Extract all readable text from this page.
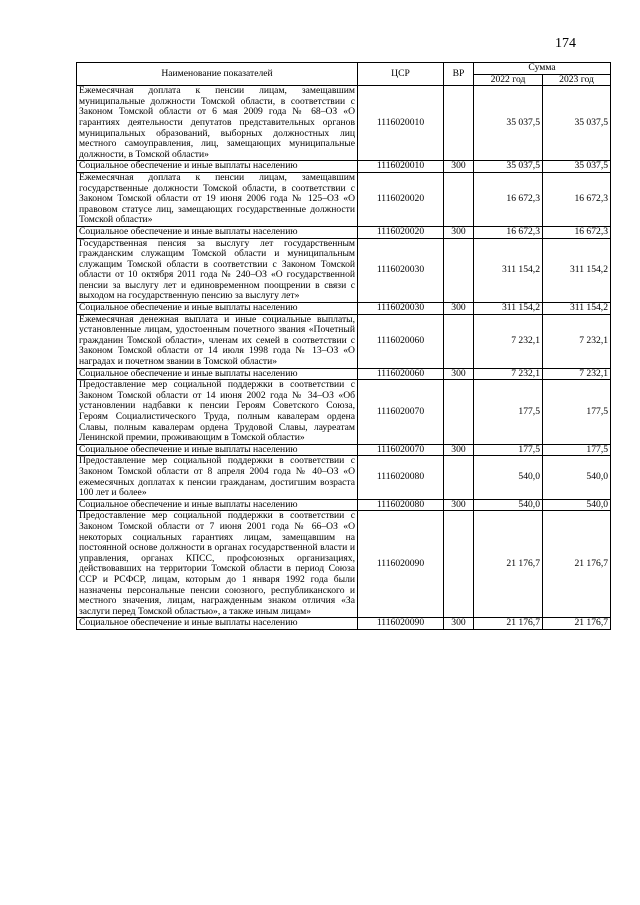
174
Наименование показателей	ЦСР	ВР	Сумма	
			2022 год	2023 год
Ежемесячная доплата к пенсии лицам, замещавшим муниципальные должности Томской области, в соответствии с Законом Томской области от 6 мая 2009 года № 68–ОЗ «О гарантиях деятельности депутатов представительных органов муниципальных образований, выборных должностных лиц местного самоуправления, лиц, замещающих муниципальные должности, в Томской области»	1116020010		35 037,5	35 037,5
Социальное обеспечение и иные выплаты населению	1116020010	300	35 037,5	35 037,5
Ежемесячная доплата к пенсии лицам, замещавшим государственные должности Томской области, в соответствии с Законом Томской области от 19 июня 2006 года № 125–ОЗ «О правовом статусе лиц, замещающих государственные должности Томской области»	1116020020		16 672,3	16 672,3
Социальное обеспечение и иные выплаты населению	1116020020	300	16 672,3	16 672,3
Государственная пенсия за выслугу лет государственным гражданским служащим Томской области и муниципальным служащим Томской области в соответствии с Законом Томской области от 10 октября 2011 года № 240–ОЗ «О государственной пенсии за выслугу лет и единовременном поощрении в связи с выходом на государственную пенсию за выслугу лет»	1116020030		311 154,2	311 154,2
Социальное обеспечение и иные выплаты населению	1116020030	300	311 154,2	311 154,2
Ежемесячная денежная выплата и иные социальные выплаты, установленные лицам, удостоенным почетного звания «Почетный гражданин Томской области», членам их семей в соответствии с Законом Томской области от 14 июля 1998 года № 13–ОЗ «О наградах и почетном звании в Томской области»	1116020060		7 232,1	7 232,1
Социальное обеспечение и иные выплаты населению	1116020060	300	7 232,1	7 232,1
Предоставление мер социальной поддержки в соответствии с Законом Томской области от 14 июня 2002 года № 34–ОЗ «Об установлении надбавки к пенсии Героям Советского Союза, Героям Социалистического Труда, полным кавалерам ордена Славы, полным кавалерам ордена Трудовой Славы, лауреатам Ленинской премии, проживающим в Томской области»	1116020070		177,5	177,5
Социальное обеспечение и иные выплаты населению	1116020070	300	177,5	177,5
Предоставление мер социальной поддержки в соответствии с Законом Томской области от 8 апреля 2004 года № 40–ОЗ «О ежемесячных доплатах к пенсии гражданам, достигшим возраста 100 лет и более»	1116020080		540,0	540,0
Социальное обеспечение и иные выплаты населению	1116020080	300	540,0	540,0
Предоставление мер социальной поддержки в соответствии с Законом Томской области от 7 июня 2001 года № 66–ОЗ «О некоторых социальных гарантиях лицам, замещавшим на постоянной основе должности в органах государственной власти и управления, органах КПСС, профсоюзных организациях, действовавших на территории Томской области в период Союза ССР и РСФСР, лицам, которым до 1 января 1992 года были назначены персональные пенсии союзного, республиканского и местного значения, лицам, награжденным знаком отличия «За заслуги перед Томской областью», а также иным лицам»	1116020090		21 176,7	21 176,7
Социальное обеспечение и иные выплаты населению	1116020090	300	21 176,7	21 176,7
